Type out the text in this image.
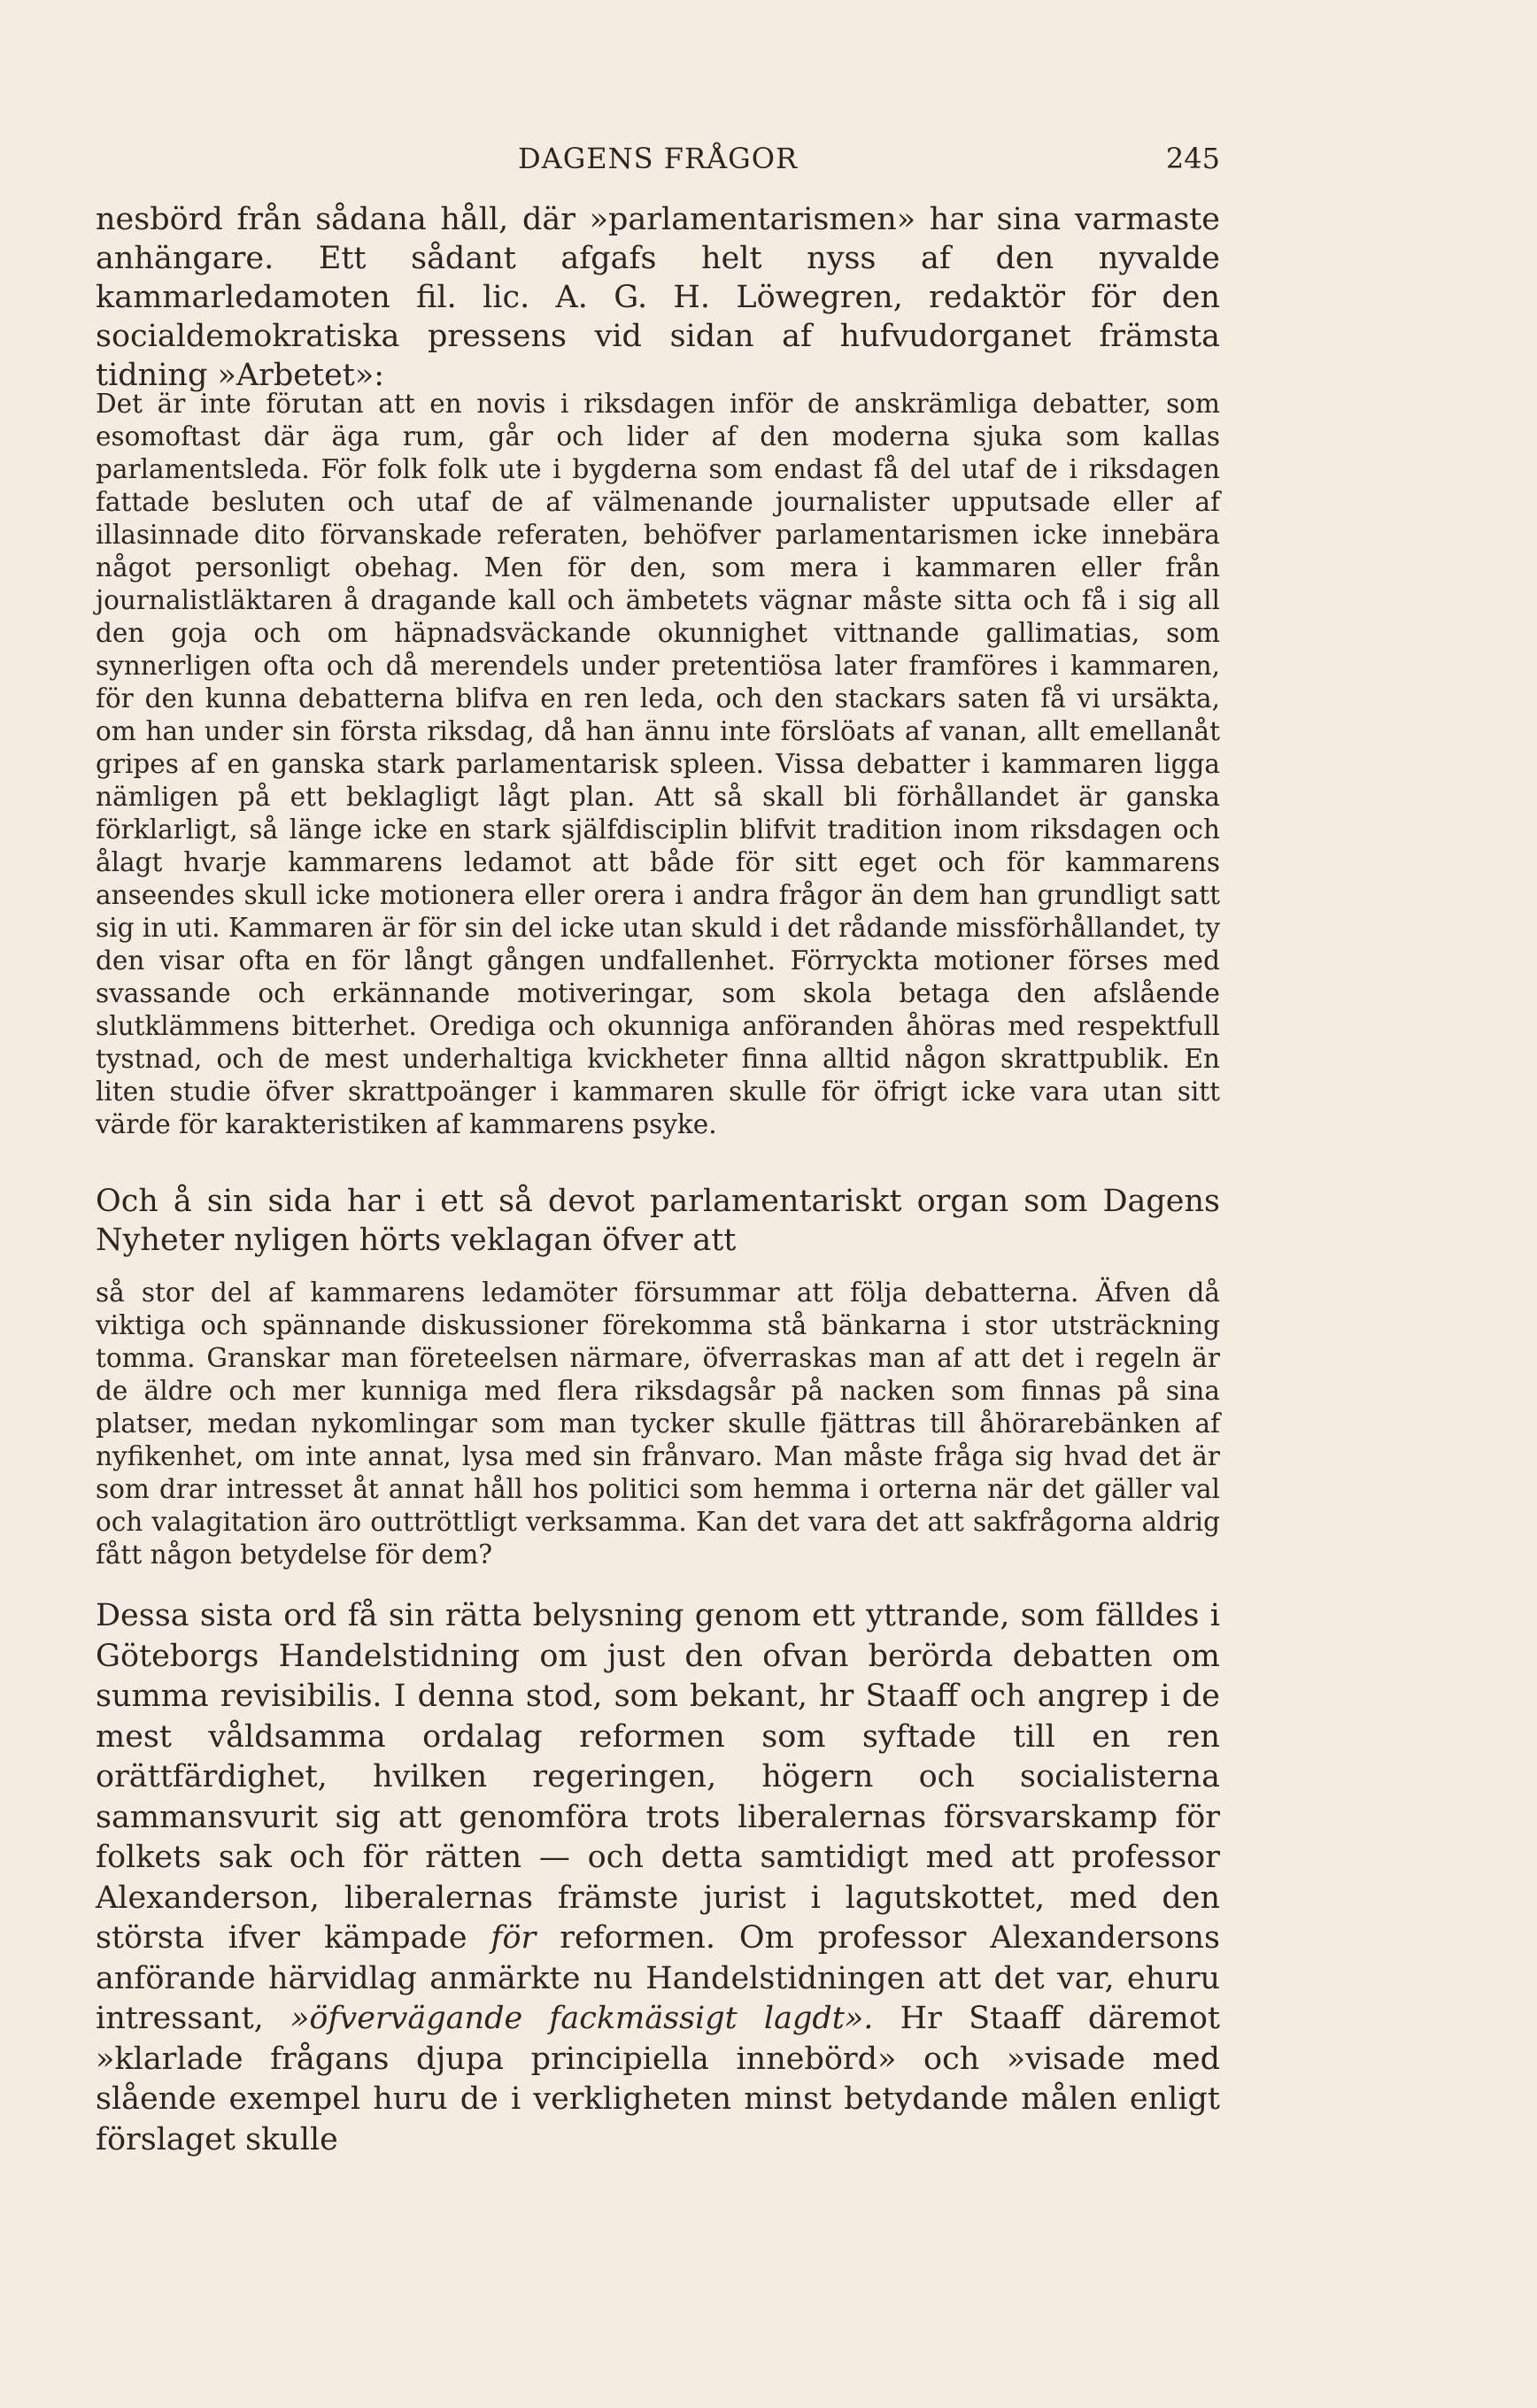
DAGENS FRÅGOR	245

nesbörd från sådana håll, där »parlamentarismen» har sina varmaste anhängare. Ett sådant afgafs helt nyss af den nyvalde kammarledamoten fil. lic. A. G. H. Löwegren, redaktör för den socialdemokratiska pressens vid sidan af hufvudorganet främsta tidning »Arbetet»:

Det är inte förutan att en novis i riksdagen inför de anskrämliga debatter, som esomoftast där äga rum, går och lider af den moderna sjuka som kallas parlamentsleda. För folk folk ute i bygderna som endast få del utaf de i riksdagen fattade besluten och utaf de af välmenande journalister upputsade eller af illasinnade dito förvanskade referaten, behöfver parlamentarismen icke innebära något personligt obehag. Men för den, som mera i kammaren eller från journalistläktaren å dragande kall och ämbetets vägnar måste sitta och få i sig all den goja och om häpnadsväckande okunnighet vittnande gallimatias, som synnerligen ofta och då merendels under pretentiösa later framföres i kammaren, för den kunna debatterna blifva en ren leda, och den stackars saten få vi ursäkta, om han under sin första riksdag, då han ännu inte förslöats af vanan, allt emellanåt gripes af en ganska stark parlamentarisk spleen. Vissa debatter i kammaren ligga nämligen på ett beklagligt lågt plan. Att så skall bli förhållandet är ganska förklarligt, så länge icke en stark själfdisciplin blifvit tradition inom riksdagen och ålagt hvarje kammarens ledamot att både för sitt eget och för kammarens anseendes skull icke motionera eller orera i andra frågor än dem han grundligt satt sig in uti. Kammaren är för sin del icke utan skuld i det rådande missförhållandet, ty den visar ofta en för långt gången undfallenhet. Förryckta motioner förses med svassande och erkännande motiveringar, som skola betaga den afslående slutklämmens bitterhet. Orediga och okunniga anföranden åhöras med respektfull tystnad, och de mest underhaltiga kvickheter finna alltid någon skrattpublik. En liten studie öfver skrattpoänger i kammaren skulle för öfrigt icke vara utan sitt värde för karakteristiken af kammarens psyke.

Och å sin sida har i ett så devot parlamentariskt organ som Dagens Nyheter nyligen hörts veklagan öfver att

så stor del af kammarens ledamöter försummar att följa debatterna. Äfven då viktiga och spännande diskussioner förekomma stå bänkarna i stor utsträckning tomma. Granskar man företeelsen närmare, öfverraskas man af att det i regeln är de äldre och mer kunniga med flera riksdagsår på nacken som finnas på sina platser, medan nykomlingar som man tycker skulle fjättras till åhörarebänken af nyfikenhet, om inte annat, lysa med sin frånvaro. Man måste fråga sig hvad det är som drar intresset åt annat håll hos politici som hemma i orterna när det gäller val och valagitation äro outtröttligt verksamma. Kan det vara det att sakfrågorna aldrig fått någon betydelse för dem?

Dessa sista ord få sin rätta belysning genom ett yttrande, som fälldes i Göteborgs Handelstidning om just den ofvan berörda debatten om summa revisibilis. I denna stod, som bekant, hr Staaff och angrep i de mest våldsamma ordalag reformen som syftade till en ren orättfärdighet, hvilken regeringen, högern och socialisterna sammansvurit sig att genomföra trots liberalernas försvarskamp för folkets sak och för rätten — och detta samtidigt med att professor Alexanderson, liberalernas främste jurist i lagutskottet, med den största ifver kämpade för reformen. Om professor Alexandersons anförande härvidlag anmärkte nu Handelstidningen att det var, ehuru intressant, »öfvervägande fackmässigt lagdt». Hr Staaff däremot »klarlade frågans djupa principiella innebörd» och »visade med slående exempel huru de i verkligheten minst betydande målen enligt förslaget skulle
